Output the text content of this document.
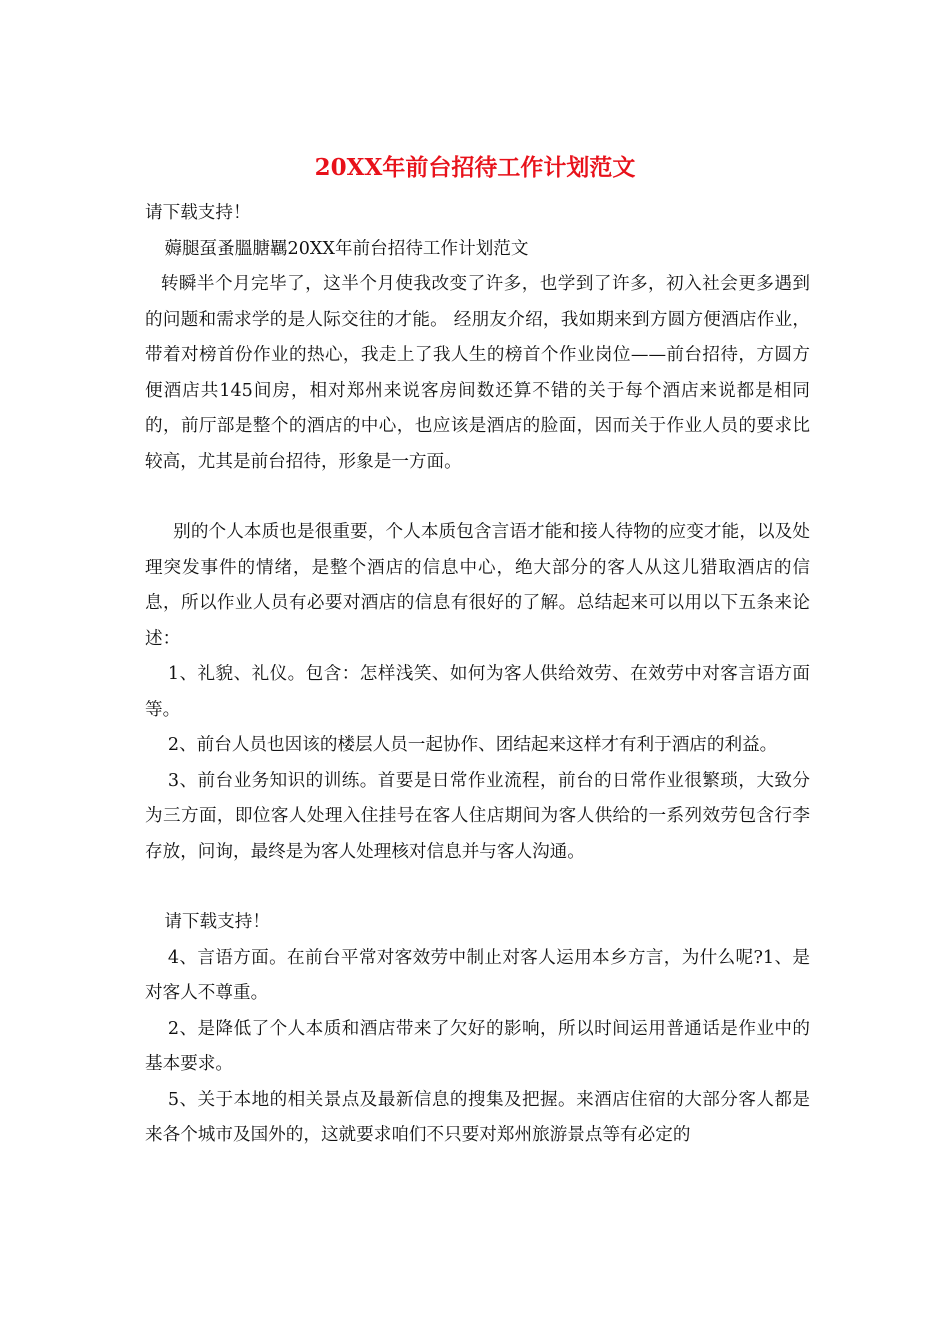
20XX年前台招待工作计划范文

请下载支持！

薅腿虿蚤膃膅羈20XX年前台招待工作计划范文

转瞬半个月完毕了，这半个月使我改变了许多，也学到了许多，初入社会更多遇到的问题和需求学的是人际交往的才能。 经朋友介绍，我如期来到方圆方便酒店作业，带着对榜首份作业的热心，我走上了我人生的榜首个作业岗位——前台招待，方圆方便酒店共145间房，相对郑州来说客房间数还算不错的关于每个酒店来说都是相同的，前厅部是整个的酒店的中心，也应该是酒店的脸面，因而关于作业人员的要求比较高，尤其是前台招待，形象是一方面。

别的个人本质也是很重要，个人本质包含言语才能和接人待物的应变才能，以及处理突发事件的情绪，是整个酒店的信息中心，绝大部分的客人从这儿猎取酒店的信息，所以作业人员有必要对酒店的信息有很好的了解。总结起来可以用以下五条来论述：

1、礼貌、礼仪。包含：怎样浅笑、如何为客人供给效劳、在效劳中对客言语方面等。

2、前台人员也因该的楼层人员一起协作、团结起来这样才有利于酒店的利益。

3、前台业务知识的训练。首要是日常作业流程，前台的日常作业很繁琐，大致分为三方面，即位客人处理入住挂号在客人住店期间为客人供给的一系列效劳包含行李存放，问询，最终是为客人处理核对信息并与客人沟通。

请下载支持！

4、言语方面。在前台平常对客效劳中制止对客人运用本乡方言，为什么呢?1、是对客人不尊重。

2、是降低了个人本质和酒店带来了欠好的影响，所以时间运用普通话是作业中的基本要求。

5、关于本地的相关景点及最新信息的搜集及把握。来酒店住宿的大部分客人都是来各个城市及国外的，这就要求咱们不只要对郑州旅游景点等有必定的
